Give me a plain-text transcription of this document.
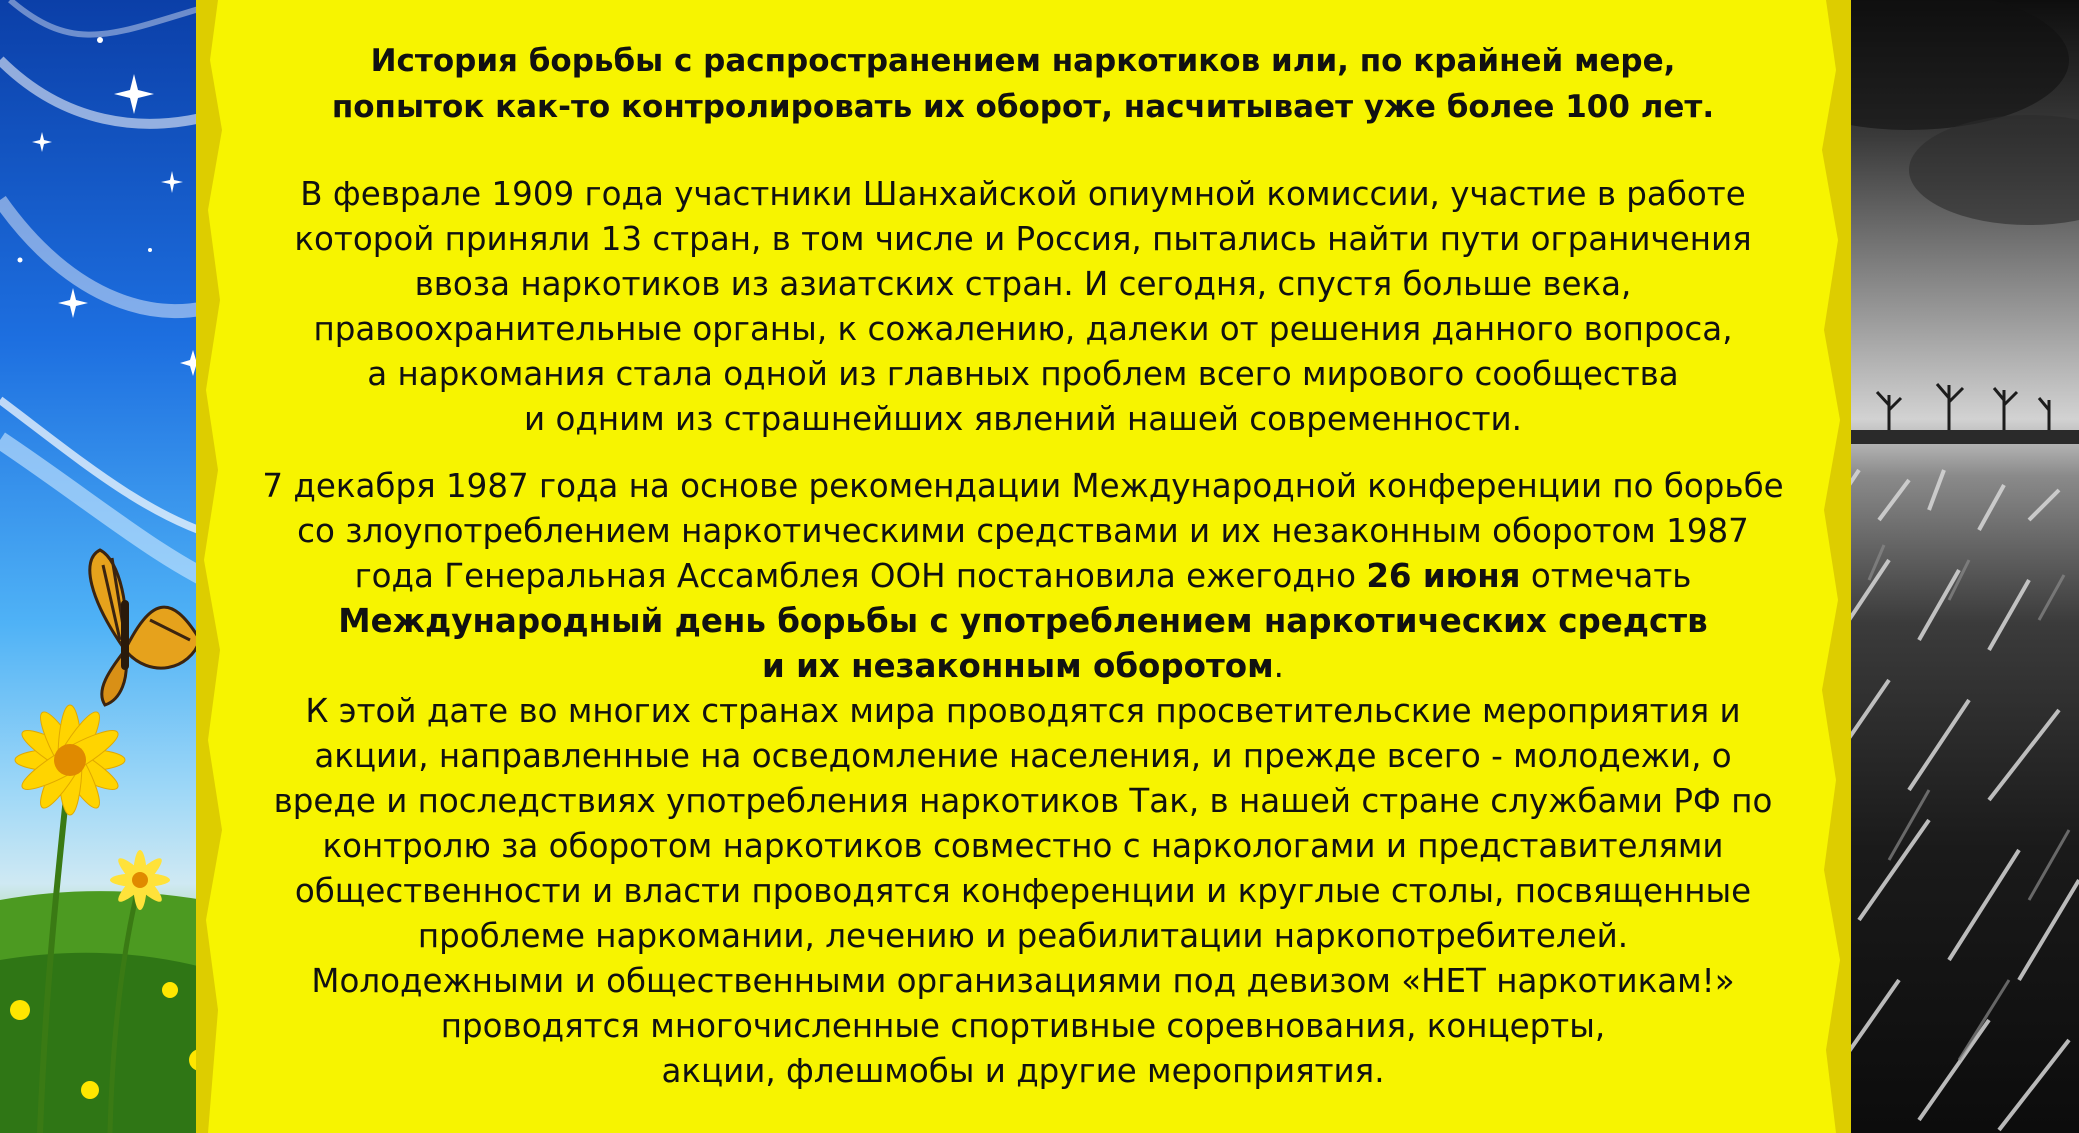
История борьбы с распространением наркотиков или, по крайней мере,
попыток как-то контролировать их оборот, насчитывает уже более 100 лет.
В феврале 1909 года участники Шанхайской опиумной комиссии, участие в работе
которой приняли 13 стран, в том числе и Россия, пытались найти пути ограничения
ввоза наркотиков из азиатских стран. И сегодня, спустя больше века,
правоохранительные органы, к сожалению, далеки от решения данного вопроса,
а наркомания стала одной из главных проблем всего мирового сообщества
и одним из страшнейших явлений нашей современности.
7 декабря 1987 года на основе рекомендации Международной конференции по борьбе
со злоупотреблением наркотическими средствами и их незаконным оборотом 1987
года Генеральная Ассамблея ООН постановила ежегодно 26 июня отмечать
Международный день борьбы с употреблением наркотических средств
и их незаконным оборотом.
К этой дате во многих странах мира проводятся просветительские мероприятия и
акции, направленные на осведомление населения, и прежде всего - молодежи, о
вреде и последствиях употребления наркотиков Так, в нашей стране службами РФ по
контролю за оборотом наркотиков совместно с наркологами и представителями
общественности и власти проводятся конференции и круглые столы, посвященные
проблеме наркомании, лечению и реабилитации наркопотребителей.
Молодежными и общественными организациями под девизом «НЕТ наркотикам!»
проводятся многочисленные спортивные соревнования, концерты,
акции, флешмобы и другие мероприятия.
